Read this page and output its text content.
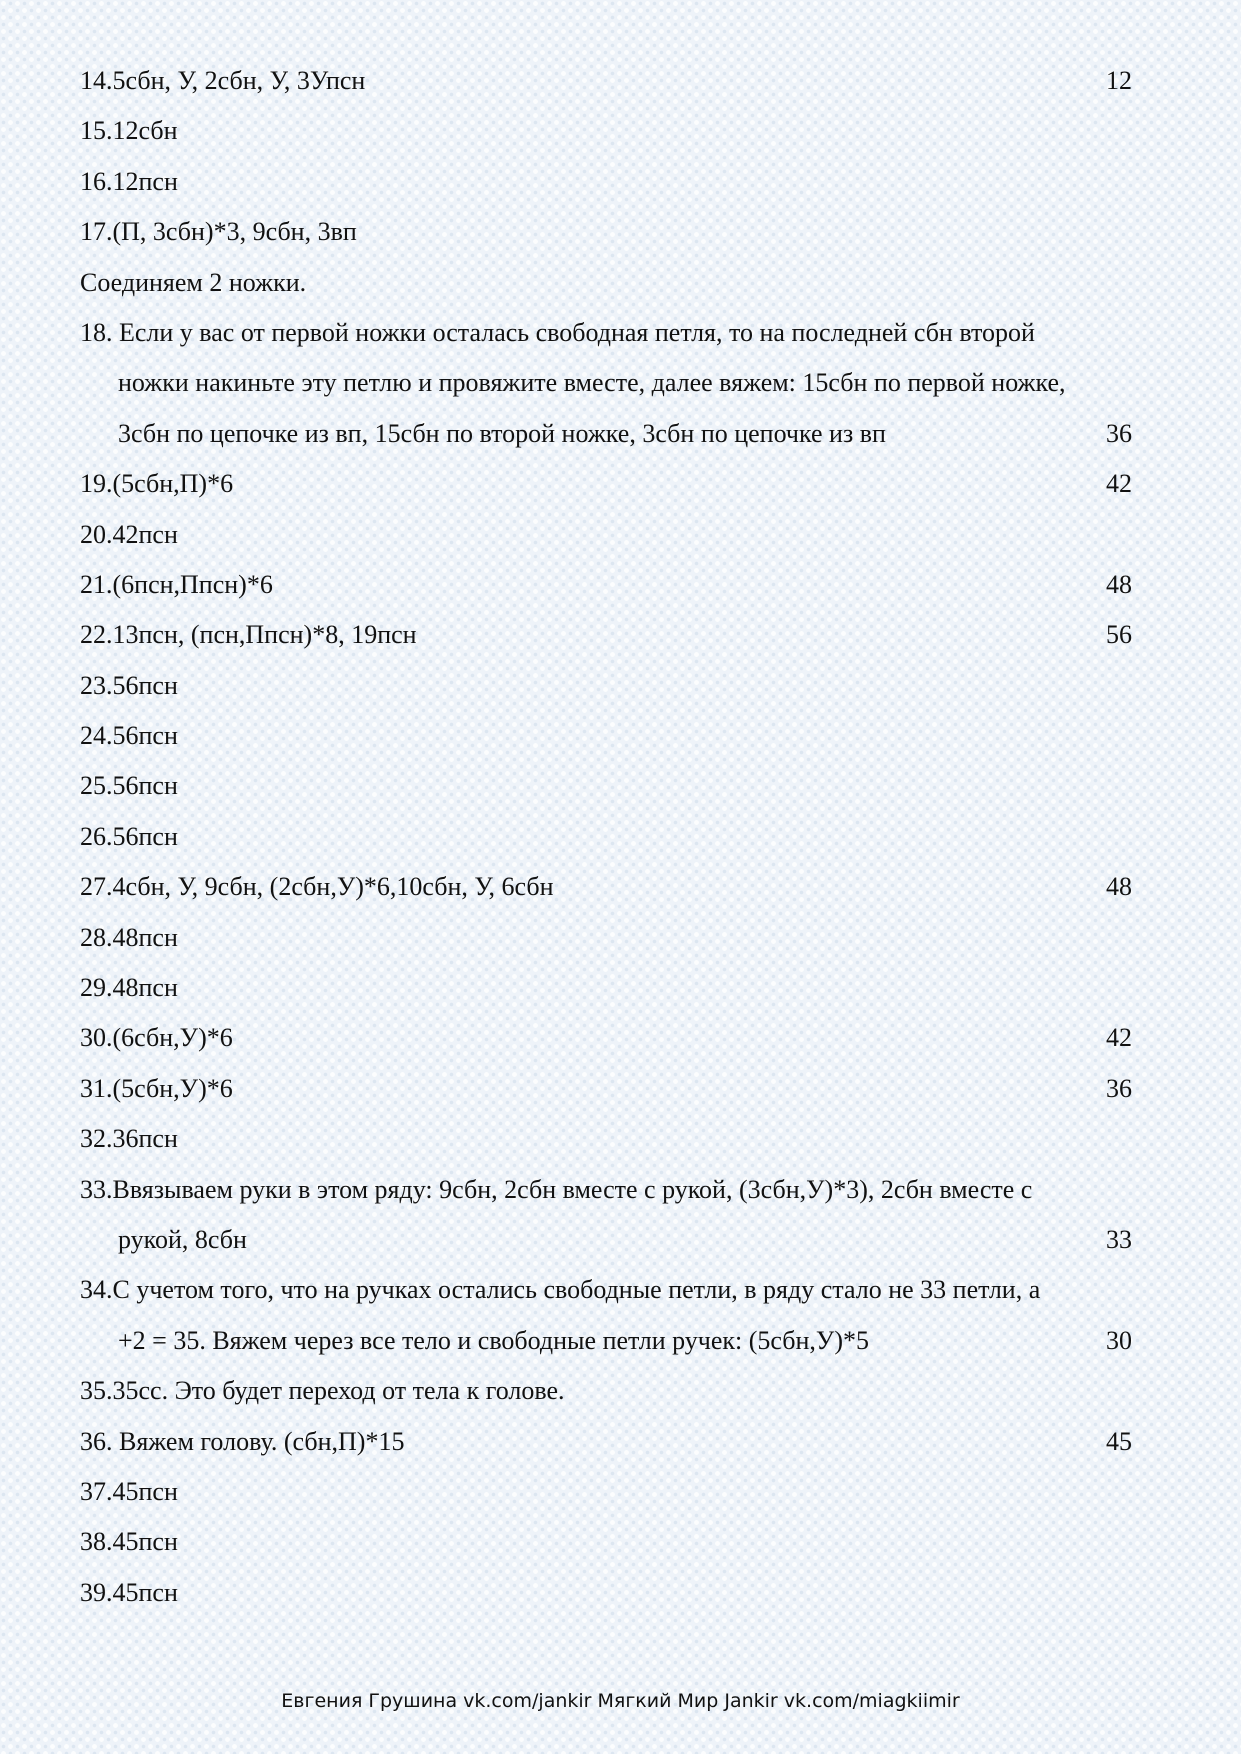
14.5сбн, У, 2сбн, У, 3Упсн	12
15.12сбн
16.12псн
17.(П, 3сбн)*3, 9сбн, 3вп
Соединяем 2 ножки.
18. Если у вас от первой ножки осталась свободная петля, то на последней сбн второй
ножки накиньте эту петлю и провяжите вместе, далее вяжем: 15сбн по первой ножке,
3сбн по цепочке из вп, 15сбн по второй ножке, 3сбн по цепочке из вп	36
19.(5сбн,П)*6	42
20.42псн
21.(6псн,Ппсн)*6	48
22.13псн, (псн,Ппсн)*8, 19псн	56
23.56псн
24.56псн
25.56псн
26.56псн
27.4сбн, У, 9сбн, (2сбн,У)*6,10сбн, У, 6сбн	48
28.48псн
29.48псн
30.(6сбн,У)*6	42
31.(5сбн,У)*6	36
32.36псн
33.Ввязываем руки в этом ряду: 9сбн, 2сбн вместе с рукой, (3сбн,У)*3), 2сбн вместе с
рукой, 8сбн	33
34.С учетом того, что на ручках остались свободные петли, в ряду стало не 33 петли, а
+2 = 35. Вяжем через все тело и свободные петли ручек: (5сбн,У)*5	30
35.35сс. Это будет переход от тела к голове.
36. Вяжем голову. (сбн,П)*15	45
37.45псн
38.45псн
39.45псн
Евгения Грушина vk.com/jankir Мягкий Мир Jankir vk.com/miagkiimir
